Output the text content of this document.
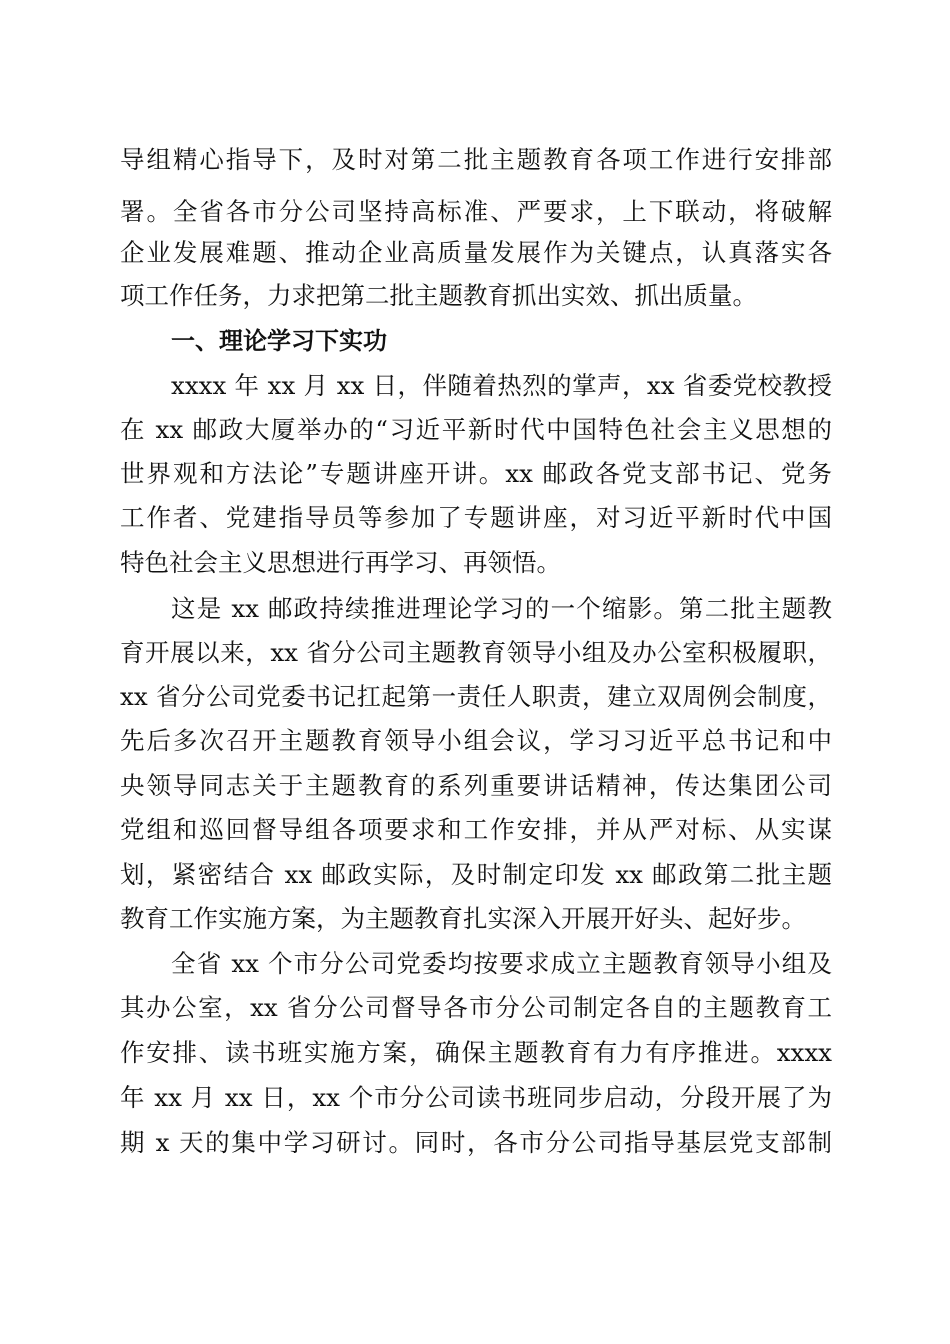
导组精心指导下，及时对第二批主题教育各项工作进行安排部
署。全省各市分公司坚持高标准、严要求，上下联动，将破解
企业发展难题、推动企业高质量发展作为关键点，认真落实各
项工作任务，力求把第二批主题教育抓出实效、抓出质量。
一、理论学习下实功
xxxx 年 xx 月 xx 日，伴随着热烈的掌声，xx 省委党校教授
在 xx 邮政大厦举办的“习近平新时代中国特色社会主义思想的
世界观和方法论”专题讲座开讲。xx 邮政各党支部书记、党务
工作者、党建指导员等参加了专题讲座，对习近平新时代中国
特色社会主义思想进行再学习、再领悟。
这是 xx 邮政持续推进理论学习的一个缩影。第二批主题教
育开展以来，xx 省分公司主题教育领导小组及办公室积极履职，
xx 省分公司党委书记扛起第一责任人职责，建立双周例会制度，
先后多次召开主题教育领导小组会议，学习习近平总书记和中
央领导同志关于主题教育的系列重要讲话精神，传达集团公司
党组和巡回督导组各项要求和工作安排，并从严对标、从实谋
划，紧密结合 xx 邮政实际，及时制定印发 xx 邮政第二批主题
教育工作实施方案，为主题教育扎实深入开展开好头、起好步。
全省 xx 个市分公司党委均按要求成立主题教育领导小组及
其办公室，xx 省分公司督导各市分公司制定各自的主题教育工
作安排、读书班实施方案，确保主题教育有力有序推进。xxxx
年 xx 月 xx 日，xx 个市分公司读书班同步启动，分段开展了为
期 x 天的集中学习研讨。同时，各市分公司指导基层党支部制
